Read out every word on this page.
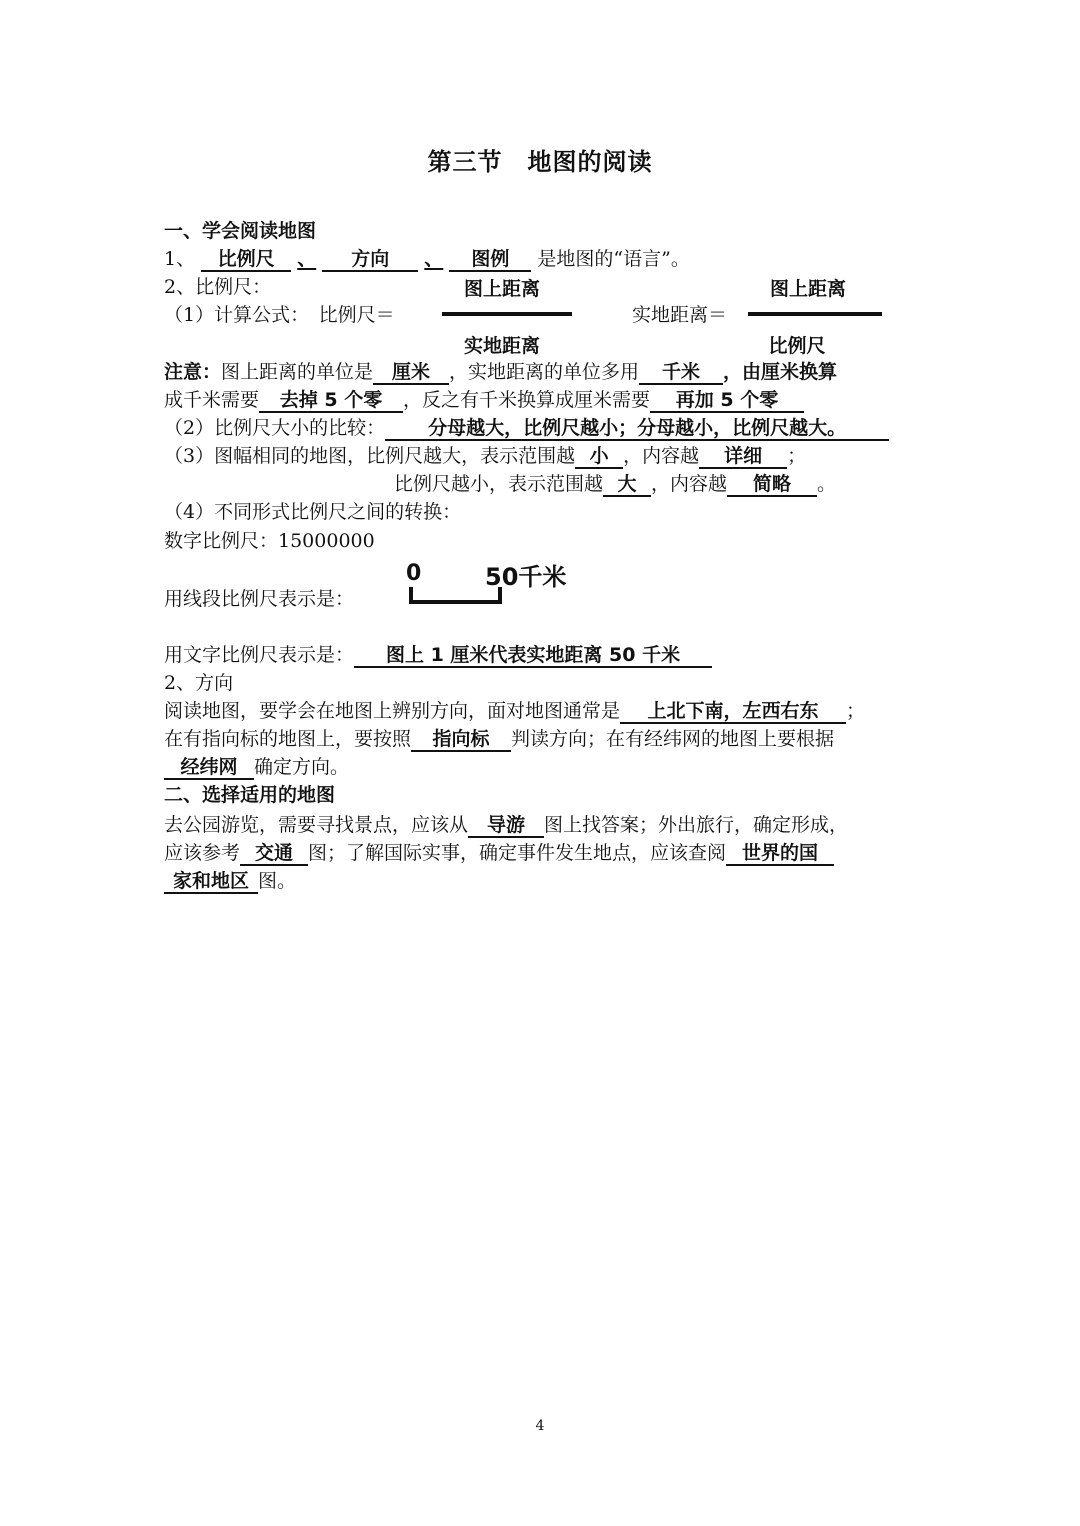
第三节　地图的阅读
一、学会阅读地图
1、 比例尺 、 方向 、 图例 是地图的“语言”。
2、比例尺：	图上距离	图上距离
（1）计算公式：　比例尺＝	实地距离＝
实地距离	比例尺
注意：图上距离的单位是 厘米 ，实地距离的单位多用 千米 ，由厘米换算
成千米需要 去掉 5 个零 ，反之有千米换算成厘米需要 再加 5 个零
（2）比例尺大小的比较： 分母越大，比例尺越小；分母越小，比例尺越大。
（3）图幅相同的地图，比例尺越大，表示范围越 小 ，内容越 详细 ；
比例尺越小，表示范围越 大 ，内容越 简略 。
（4）不同形式比例尺之间的转换：
数字比例尺：15000000
用线段比例尺表示是：
0	50千米
用文字比例尺表示是： 图上 1 厘米代表实地距离 50 千米
2、方向
阅读地图，要学会在地图上辨别方向，面对地图通常是 上北下南，左西右东 ；
在有指向标的地图上，要按照 指向标 判读方向；在有经纬网的地图上要根据
经纬网 确定方向。
二、选择适用的地图
去公园游览，需要寻找景点，应该从 导游 图上找答案；外出旅行，确定形成，
应该参考 交通 图；了解国际实事，确定事件发生地点，应该查阅 世界的国
家和地区 图。
4
